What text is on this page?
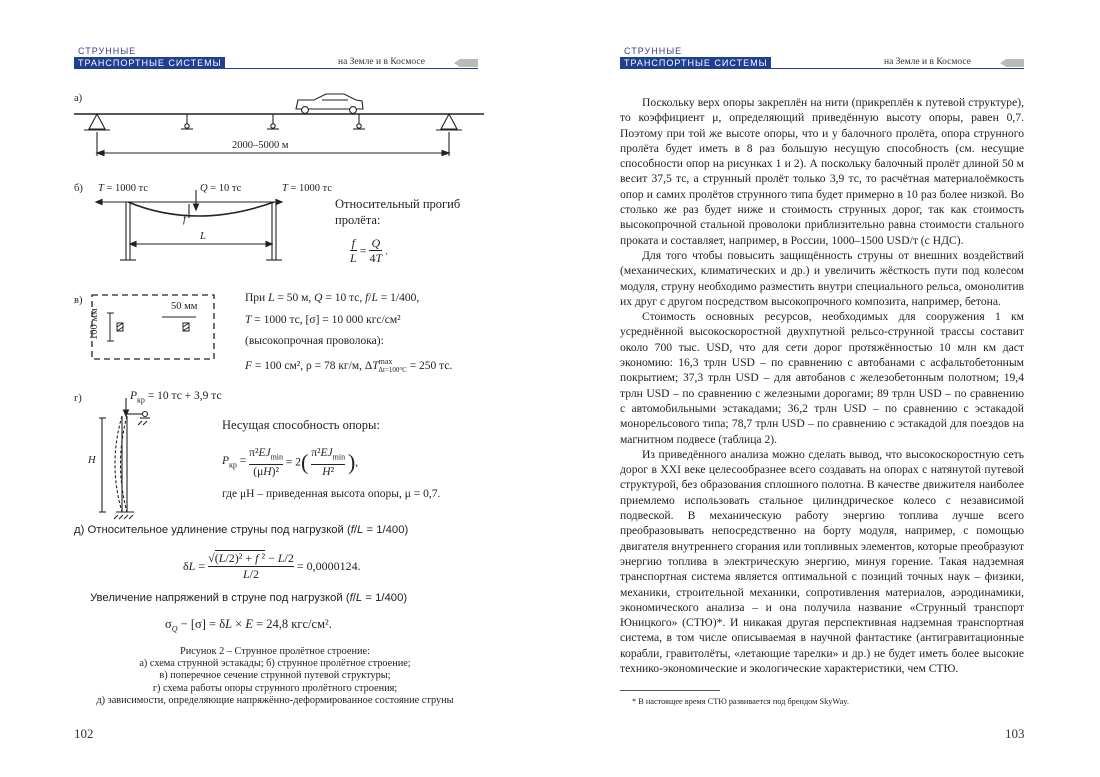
СТРУННЫЕ
ТРАНСПОРТНЫЕ СИСТЕМЫ >>
на Земле и в Космосе
а)
б)
в)
г)
2000–5000 м
T = 1000 тс	Q = 10 тс	T = 1000 тс
f
L
Относительный прогиб
пролёта:
$\frac{f}{L} = \frac{Q}{4T}$ .
50 мм
100 мм
При L = 50 м, Q = 10 тс, f/L = 1/400,
T = 1000 тс, [σ] = 10 000 кгс/см²
(высокопрочная проволока):
F = 100 см², ρ = 78 кг/м, $\Delta T^{max}_{\Delta t=100^\circ C} = 250$ тс.
$P_{кр} = 10$ тс + 3,9 тс
H
Несущая способность опоры:
$P_{кр} = \pi^2EJ_{min}$

(μH)²
= 2( $\pi^2EJ_{min}$

H² ),
где μH – приведенная высота опоры, μ = 0,7.
д) Относительное удлинение струны под нагрузкой (f/L = 1/400)
δL = √(L/2)² + f ² − L/2

L/2
= 0,0000124.
Увеличение напряжений в струне под нагрузкой (f/L = 1/400)
$\sigma_Q - [\sigma] = \delta L \times E = 24,8$ кгс/см².
Рисунок 2 – Струнное пролётное строение:
а) схема струнной эстакады; б) струнное пролётное строение;
в) поперечное сечение струнной путевой структуры;
г) схема работы опоры струнного пролётного строения;
д) зависимости, определяющие напряжённо-деформированное состояние струны
102
СТРУННЫЕ
ТРАНСПОРТНЫЕ СИСТЕМЫ >>
на Земле и в Космосе

Поскольку верх опоры закреплён на нити (прикреплён к путевой структуре), то коэффициент μ, определяющий приведённую высоту опоры, равен 0,7. Поэтому при той же высоте опоры, что и у балочного пролёта, опора струнного пролёта будет иметь в 8 раз большую несущую способность (см. несущие способности опор на рисунках 1 и 2). А поскольку балочный пролёт длиной 50 м весит 37,5 тс, а струнный пролёт только 3,9 тс, то расчётная материалоёмкость опор и самих пролётов струнного типа будет примерно в 10 раз более низкой. Во столько же раз будет ниже и стоимость струнных дорог, так как стоимость высокопрочной стальной проволоки приблизительно равна стоимости стального проката и составляет, например, в России, 1000–1500 USD/т (с НДС).

Для того чтобы повысить защищённость струны от внешних воздействий (механических, климатических и др.) и увеличить жёсткость пути под колесом модуля, струну необходимо разместить внутри специального рельса, омонолитив их друг с другом посредством высокопрочного композита, например, бетона.

Стоимость основных ресурсов, необходимых для сооружения 1 км усреднённой высокоскоростной двухпутной рельсо-струнной трассы составит около 700 тыс. USD, что для сети дорог протяжённостью 10 млн км даст экономию: 16,3 трлн USD – по сравнению с автобанами с асфальтобетонным покрытием; 37,3 трлн USD – для автобанов с железобетонным полотном; 19,4 трлн USD – по сравнению с железными дорогами; 89 трлн USD – по сравнению с автомобильными эстакадами; 36,2 трлн USD – по сравнению с эстакадой монорельсового типа; 78,7 трлн USD – по сравнению с эстакадой для поездов на магнитном подвесе (таблица 2).

Из приведённого анализа можно сделать вывод, что высокоскоростную сеть дорог в XXI веке целесообразнее всего создавать на опорах с натянутой путевой структурой, без образования сплошного полотна. В качестве движителя наиболее приемлемо использовать стальное цилиндрическое колесо с независимой подвеской. В механическую работу энергию топлива лучше всего преобразовывать непосредственно на борту модуля, например, с помощью двигателя внутреннего сгорания или топливных элементов, которые преобразуют энергию топлива в электрическую энергию, минуя горение. Такая надземная транспортная система является оптимальной с позиций точных наук – физики, механики, строительной механики, сопротивления материалов, аэродинамики, экономического анализа – и она получила название «Струнный транспорт Юницкого» (СТЮ)*. И никакая другая перспективная надземная транспортная система, в том числе описываемая в научной фантастике (антигравитационные корабли, гравитолёты, «летающие тарелки» и др.) не будет иметь более высокие технико-экономические и экологические характеристики, чем СТЮ.

* В настоящее время СТЮ развивается под брендом SkyWay.
103
